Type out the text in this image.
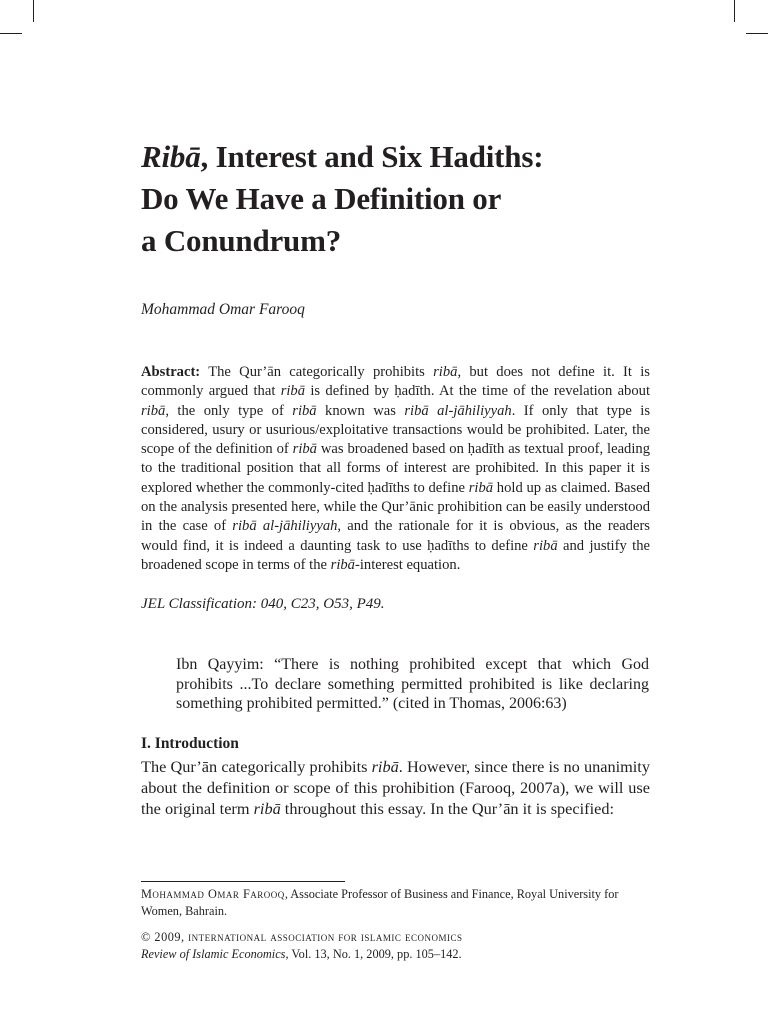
Ribā, Interest and Six Hadiths:
Do We Have a Definition or
a Conundrum?

Mohammad Omar Farooq

Abstract: The Qur’ān categorically prohibits ribā, but does not define it. It is commonly argued that ribā is defined by ḥadīth. At the time of the revelation about ribā, the only type of ribā known was ribā al-jāhiliyyah. If only that type is considered, usury or usurious/exploitative transactions would be prohibited. Later, the scope of the definition of ribā was broadened based on ḥadīth as textual proof, leading to the traditional position that all forms of interest are prohibited. In this paper it is explored whether the commonly-cited ḥadīths to define ribā hold up as claimed. Based on the analysis presented here, while the Qur’ānic prohibition can be easily understood in the case of ribā al-jāhiliyyah, and the rationale for it is obvious, as the readers would find, it is indeed a daunting task to use ḥadīths to define ribā and justify the broadened scope in terms of the ribā-interest equation.

JEL Classification: 040, C23, O53, P49.

Ibn Qayyim: “There is nothing prohibited except that which God prohibits ...To declare something permitted prohibited is like declaring something prohibited permitted.” (cited in Thomas, 2006:63)

I. Introduction

The Qur’ān categorically prohibits ribā. However, since there is no unanimity about the definition or scope of this prohibition (Farooq, 2007a), we will use the original term ribā throughout this essay. In the Qur’ān it is specified:

Mohammad Omar Farooq, Associate Professor of Business and Finance, Royal University for Women, Bahrain.

© 2009, international association for islamic economics

Review of Islamic Economics, Vol. 13, No. 1, 2009, pp. 105–142.
